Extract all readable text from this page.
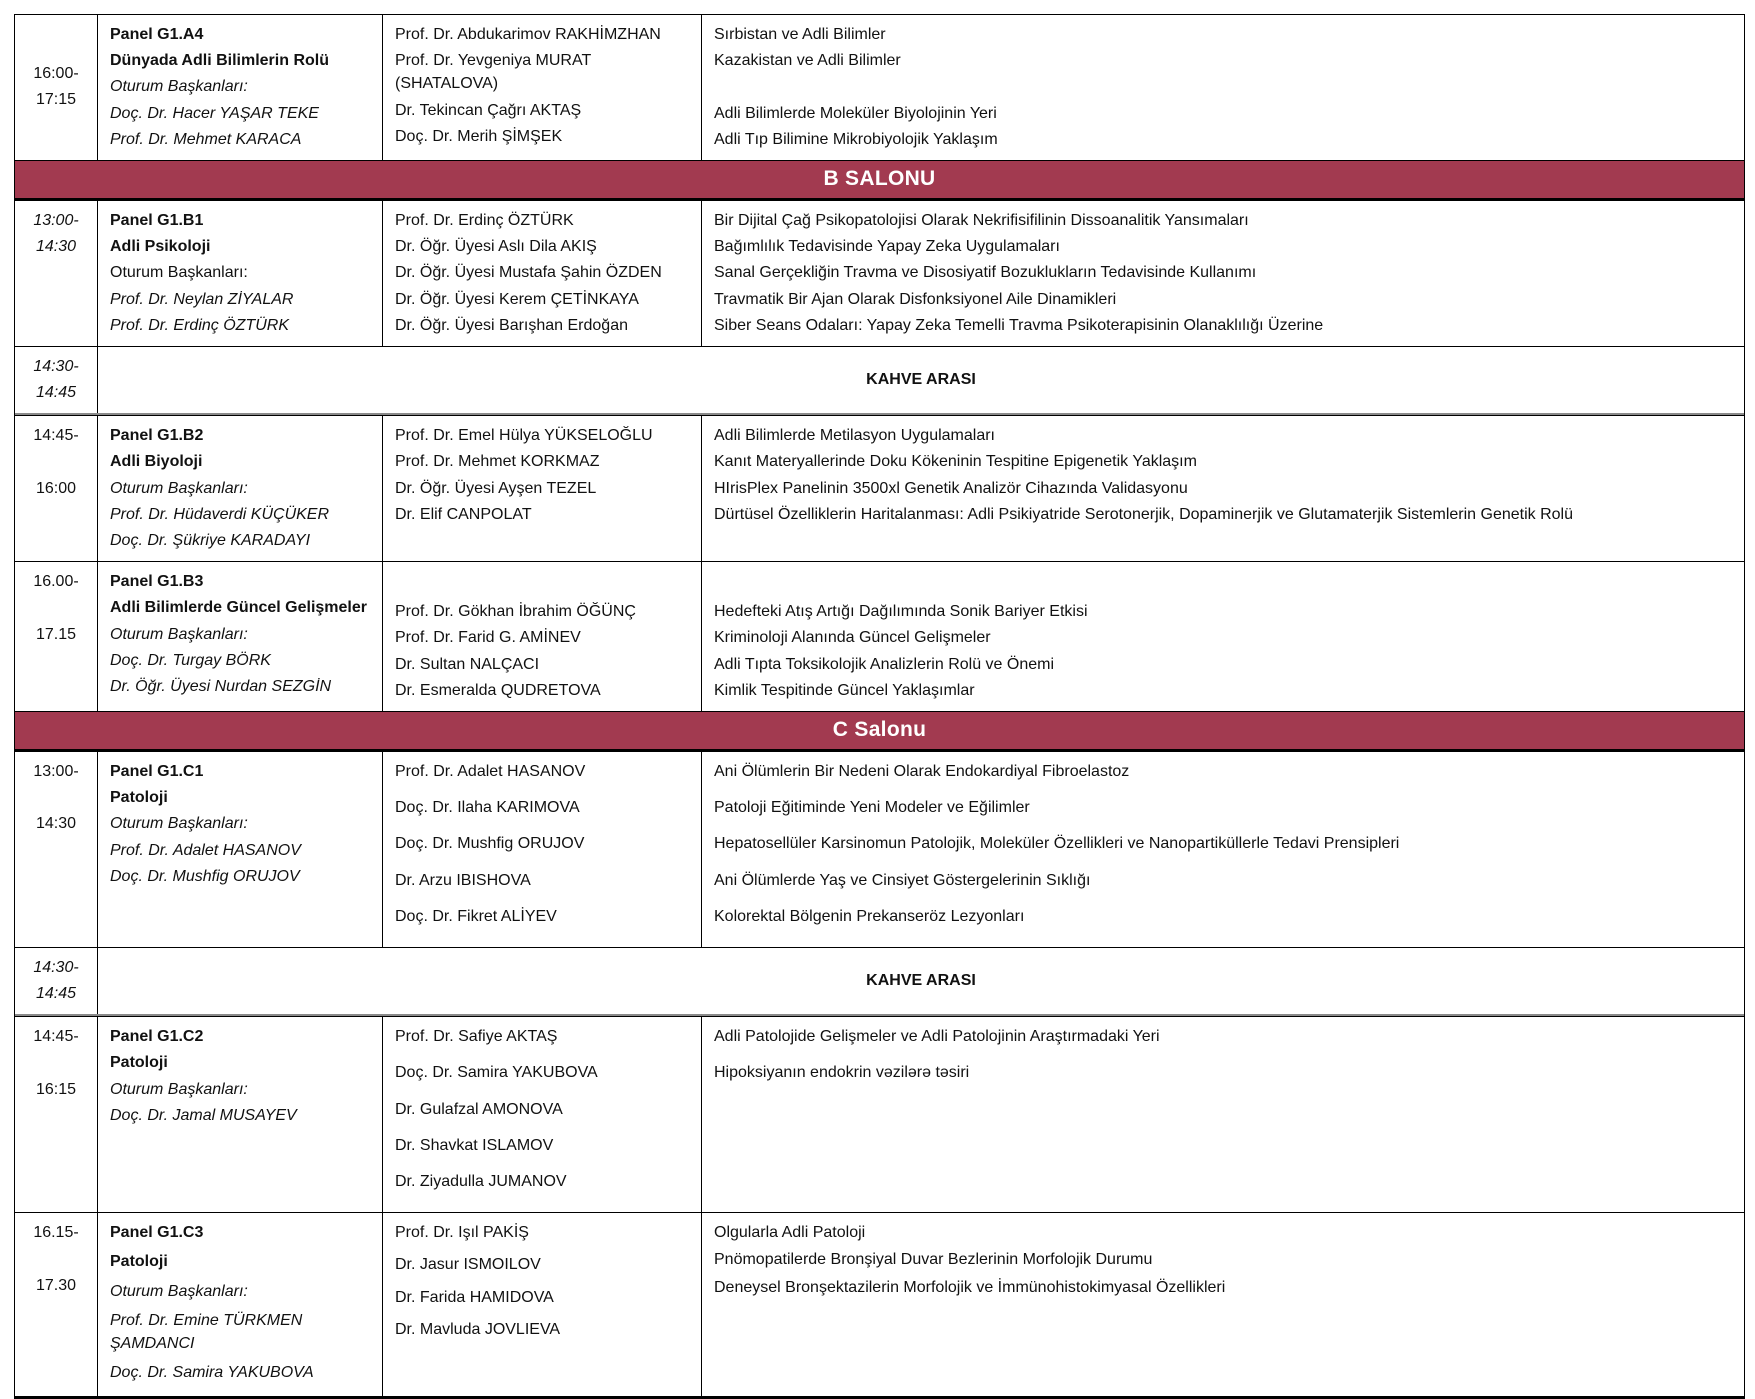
16:00-
17:15
Panel G1.A4
Dünyada Adli Bilimlerin Rolü
Oturum Başkanları:
Doç. Dr. Hacer YAŞAR TEKE
Prof. Dr. Mehmet KARACA
Prof. Dr. Abdukarimov RAKHİMZHAN
Prof. Dr. Yevgeniya MURAT (SHATALOVA)
Dr. Tekincan Çağrı AKTAŞ
Doç. Dr. Merih ŞİMŞEK
Sırbistan ve Adli Bilimler
Kazakistan ve Adli Bilimler
Adli Bilimlerde Moleküler Biyolojinin Yeri
Adli Tıp Bilimine Mikrobiyolojik Yaklaşım
B SALONU
13:00-
14:30
Panel G1.B1
Adli Psikoloji
Oturum Başkanları:
Prof. Dr. Neylan ZİYALAR
Prof. Dr. Erdinç ÖZTÜRK
Prof. Dr. Erdinç ÖZTÜRK
Dr. Öğr. Üyesi Aslı Dila AKIŞ
Dr. Öğr. Üyesi Mustafa Şahin ÖZDEN
Dr. Öğr. Üyesi Kerem ÇETİNKAYA
Dr. Öğr. Üyesi Barışhan Erdoğan
Bir Dijital Çağ Psikopatolojisi Olarak Nekrifisifilinin Dissoanalitik Yansımaları
Bağımlılık Tedavisinde Yapay Zeka Uygulamaları
Sanal Gerçekliğin Travma ve Disosiyatif Bozuklukların Tedavisinde Kullanımı
Travmatik Bir Ajan Olarak Disfonksiyonel Aile Dinamikleri
Siber Seans Odaları: Yapay Zeka Temelli Travma Psikoterapisinin Olanaklılığı Üzerine
14:30-
14:45
KAHVE ARASI
14:45-
16:00
Panel G1.B2
Adli Biyoloji
Oturum Başkanları:
Prof. Dr. Hüdaverdi KÜÇÜKER
Doç. Dr. Şükriye KARADAYI
Prof. Dr. Emel Hülya YÜKSELOĞLU
Prof. Dr. Mehmet KORKMAZ
Dr. Öğr. Üyesi Ayşen TEZEL
Dr. Elif CANPOLAT
Adli Bilimlerde Metilasyon Uygulamaları
Kanıt Materyallerinde Doku Kökeninin Tespitine Epigenetik Yaklaşım
HIrisPlex Panelinin 3500xl Genetik Analizör Cihazında Validasyonu
Dürtüsel Özelliklerin Haritalanması: Adli Psikiyatride Serotonerjik, Dopaminerjik ve Glutamaterjik Sistemlerin Genetik Rolü
16.00-
17.15
Panel G1.B3
Adli Bilimlerde Güncel Gelişmeler
Oturum Başkanları:
Doç. Dr. Turgay BÖRK
Dr. Öğr. Üyesi Nurdan SEZGİN
Prof. Dr. Gökhan İbrahim ÖĞÜNÇ
Prof. Dr. Farid G. AMİNEV
Dr. Sultan NALÇACI
Dr. Esmeralda QUDRETOVA
Hedefteki Atış Artığı Dağılımında Sonik Bariyer Etkisi
Kriminoloji Alanında Güncel Gelişmeler
Adli Tıpta Toksikolojik Analizlerin Rolü ve Önemi
Kimlik Tespitinde Güncel Yaklaşımlar
C Salonu
13:00-
14:30
Panel G1.C1
Patoloji
Oturum Başkanları:
Prof. Dr. Adalet HASANOV
Doç. Dr. Mushfig ORUJOV
Prof. Dr. Adalet HASANOV
Doç. Dr. Ilaha KARIMOVA
Doç. Dr. Mushfig ORUJOV
Dr. Arzu IBISHOVA
Doç. Dr. Fikret ALİYEV
Ani Ölümlerin Bir Nedeni Olarak Endokardiyal Fibroelastoz
Patoloji Eğitiminde Yeni Modeler ve Eğilimler
Hepatosellüler Karsinomun Patolojik, Moleküler Özellikleri ve Nanopartiküllerle Tedavi Prensipleri
Ani Ölümlerde Yaş ve Cinsiyet Göstergelerinin Sıklığı
Kolorektal Bölgenin Prekanseröz Lezyonları
14:30-
14:45
KAHVE ARASI
14:45-
16:15
Panel G1.C2
Patoloji
Oturum Başkanları:
Doç. Dr. Jamal MUSAYEV
Prof. Dr. Safiye AKTAŞ
Doç. Dr. Samira YAKUBOVA
Dr. Gulafzal AMONOVA
Dr. Shavkat ISLAMOV
Dr. Ziyadulla JUMANOV
Adli Patolojide Gelişmeler ve Adli Patolojinin Araştırmadaki Yeri
Hipoksiyanın endokrin vəzilərə təsiri
16.15-
17.30
Panel G1.C3
Patoloji
Oturum Başkanları:
Prof. Dr. Emine TÜRKMEN ŞAMDANCI
Doç. Dr. Samira YAKUBOVA
Prof. Dr. Işıl PAKİŞ
Dr. Jasur ISMOILOV
Dr. Farida HAMIDOVA
Dr. Mavluda JOVLIEVA
Olgularla Adli Patoloji
Pnömopatilerde Bronşiyal Duvar Bezlerinin Morfolojik Durumu
Deneysel Bronşektazilerin Morfolojik ve İmmünohistokimyasal Özellikleri
